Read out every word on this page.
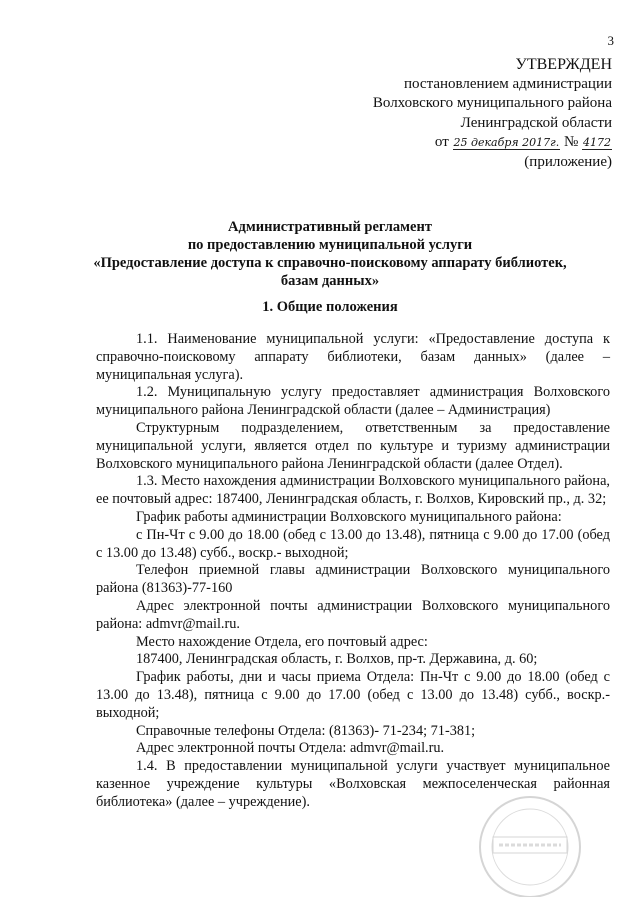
3
УТВЕРЖДЕН
постановлением администрации
Волховского муниципального района
Ленинградской области
от 25 декабря 2017г. № 4172
(приложение)
Административный регламент
по предоставлению муниципальной услуги
«Предоставление доступа к справочно-поисковому аппарату библиотек,
базам данных»
1. Общие положения

1.1. Наименование муниципальной услуги: «Предоставление доступа к справочно-поисковому аппарату библиотеки, базам данных» (далее – муниципальная услуга).

1.2. Муниципальную услугу предоставляет администрация Волховского муниципального района Ленинградской области (далее – Администрация)

Структурным подразделением, ответственным за предоставление муниципальной услуги, является отдел по культуре и туризму администрации Волховского муниципального района Ленинградской области (далее Отдел).

1.3. Место нахождения администрации Волховского муниципального района, ее почтовый адрес: 187400, Ленинградская область, г. Волхов, Кировский пр., д. 32;

График работы администрации Волховского муниципального района:

с Пн-Чт с 9.00 до 18.00 (обед с 13.00 до 13.48), пятница с 9.00 до 17.00 (обед с 13.00 до 13.48) субб., воскр.- выходной;

Телефон приемной главы администрации Волховского муниципального района (81363)-77-160

Адрес электронной почты администрации Волховского муниципального района: admvr@mail.ru.

Место нахождение Отдела, его почтовый адрес:

187400, Ленинградская область, г. Волхов, пр-т. Державина, д. 60;

График работы, дни и часы приема Отдела: Пн-Чт с 9.00 до 18.00 (обед с 13.00 до 13.48), пятница с 9.00 до 17.00 (обед с 13.00 до 13.48) субб., воскр.- выходной;

Справочные телефоны Отдела: (81363)- 71-234; 71-381;

Адрес электронной почты Отдела: admvr@mail.ru.

1.4. В предоставлении муниципальной услуги участвует муниципальное казенное учреждение культуры «Волховская межпоселенческая районная библиотека» (далее – учреждение).
